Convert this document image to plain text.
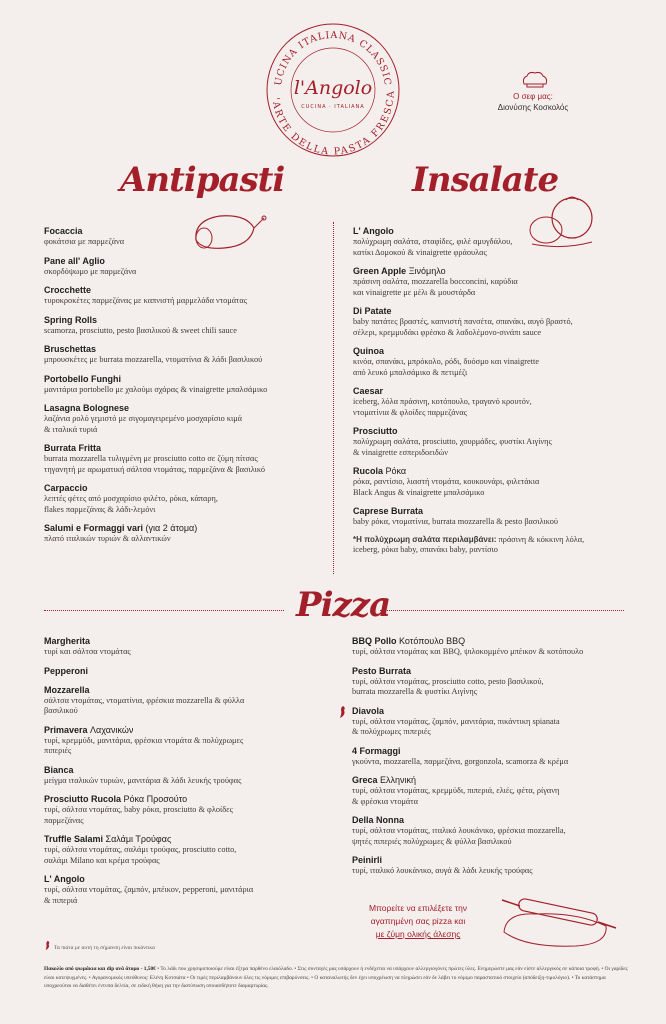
UCINA ITALIANA CLASSIC
'ARTE DELLA PASTA FRESCA
l'Angolo
CUCINA · ITALIANA
Ο σεφ μας:
Διονύσης Κοσκολός
Antipasti	Insalate
Focaccia
φοκάτσια με παρμεζάνα
Pane all' Aglio
σκορδόψωμο με παρμεζάνα
Crocchette
τυροκροκέτες παρμεζάνας με καπνιστή μαρμελάδα ντομάτας
Spring Rolls
scamorza, prosciutto, pesto βασιλικού & sweet chili sauce
Bruschettas
μπρουσκέτες με burrata mozzarella, ντοματίνια & λάδι βασιλικού
Portobello Funghi
μανιτάρια portobello με χαλούμι σχάρας & vinaigrette μπαλσάμικο
Lasagna Bolognese
λαζάνια ρολό γεμιστό με σιγομαγειρεμένο μοσχαρίσιο κιμά
& ιταλικά τυριά
Burrata Fritta
burrata mozzarella τυλιγμένη με prosciutto cotto σε ζύμη πίτσας
τηγανητή με αρωματική σάλτσα ντομάτας, παρμεζάνα & βασιλικό
Carpaccio
λεπτές φέτες από μοσχαρίσιο φιλέτο, ρόκα, κάπαρη,
flakes παρμεζάνας & λάδι-λεμόνι
Salumi e Formaggi vari (για 2 άτομα)
πλατό ιταλικών τυριών & αλλαντικών
L' Angolo
πολύχρωμη σαλάτα, σταφίδες, φιλέ αμυγδάλου,
κατίκι Δομοκού & vinaigrette φράουλας
Green Apple Ξινόμηλο
πράσινη σαλάτα, mozzarella bocconcini, καρύδια
και vinaigrette με μέλι & μουστάρδα
Di Patate
baby πατάτες βραστές, καπνιστή πανσέτα, σπανάκι, αυγό βραστό,
σέλερι, κρεμμυδάκι φρέσκο & λαδολέμονο-σινάπι sauce
Quinoa
κινόα, σπανάκι, μπρόκολο, ρόδι, δυόσμο και vinaigrette
από λευκό μπαλσάμικο & πετιμέζι
Caesar
iceberg, λόλα πράσινη, κοτόπουλο, τραγανό κρουτόν,
ντοματίνια & φλοίδες παρμεζάνας
Prosciutto
πολύχρωμη σαλάτα, prosciutto, χουρμάδες, φυστίκι Αιγίνης
& vinaigrette εσπεριδοειδών
Rucola Ρόκα
ρόκα, ραντίσιο, λιαστή ντομάτα, κουκουνάρι, φιλετάκια
Black Angus & vinaigrette μπαλσάμικο
Caprese Burrata
baby ρόκα, ντοματίνια, burrata mozzarella & pesto βασιλικού
*Η πολύχρωμη σαλάτα περιλαμβάνει: πράσινη & κόκκινη λόλα,
iceberg, ρόκα baby, σπανάκι baby, ραντίσιο
Pizza
Margherita
τυρί και σάλτσα ντομάτας
Pepperoni
Mozzarella
σάλτσα ντομάτας, ντοματίνια, φρέσκια mozzarella & φύλλα
βασιλικού
Primavera Λαχανικών
τυρί, κρεμμύδι, μανιτάρια, φρέσκια ντομάτα & πολύχρωμες
πιπεριές
Bianca
μείγμα ιταλικών τυριών, μανιτάρια & λάδι λευκής τρούφας
Prosciutto Rucola Ρόκα Προσούτο
τυρί, σάλτσα ντομάτας, baby ρόκα, prosciutto & φλοίδες
παρμεζάνας
Truffle Salami Σαλάμι Τρούφας
τυρί, σάλτσα ντομάτας, σαλάμι τρούφας, prosciutto cotto,
σαλάμι Milano και κρέμα τρούφας
L' Angolo
τυρί, σάλτσα ντομάτας, ζαμπόν, μπέικον, pepperoni, μανιτάρια
& πιπεριά
BBQ Pollo Κοτόπουλο BBQ
τυρί, σάλτσα ντομάτας και BBQ, ψιλοκομμένο μπέικον & κοτόπουλο
Pesto Burrata
τυρί, σάλτσα ντομάτας, prosciutto cotto, pesto βασιλικού,
burrata mozzarella & φυστίκι Αιγίνης
Diavola
τυρί, σάλτσα ντομάτας, ζαμπόν, μανιτάρια, πικάντικη spianata
& πολύχρωμες πιπεριές
4 Formaggi
γκούντα, mozzarella, παρμεζάνα, gorgonzola, scamorza & κρέμα
Greca Ελληνική
τυρί, σάλτσα ντομάτας, κρεμμύδι, πιπεριά, ελιές, φέτα, ρίγανη
& φρέσκια ντομάτα
Della Nonna
τυρί, σάλτσα ντομάτας, ιταλικό λουκάνικο, φρέσκια mozzarella,
ψητές πιπεριές πολύχρωμες & φύλλα βασιλικού
Peinirli
τυρί, ιταλικό λουκάνικο, αυγά & λάδι λευκής τρούφας
Μπορείτε να επιλέξετε την
αγαπημένη σας pizza και
με ζύμη ολικής άλεσης
Τα πιάτα με αυτή τη σήμανση είναι πικάντικα
Πακολίο από ψωμάκια και dip ανά άτομο - 1,50€ • Το λάδι που χρησιμοποιούμε είναι έξτρα παρθένο ελαιόλαδο. • Στις συνταγές μας υπάρχουν ή ενδέχεται να υπάρχουν αλλεργιογόνες πρώτες ύλες. Ενημερώστε μας εάν είστε αλλεργικός σε κάποια τροφή. • Οι γαρίδες είναι κατεψυγμένες. • Αγορανομικός υπεύθυνος: Ελένη Κοτσιάτα • Οι τιμές περιλαμβάνουν όλες τις νόμιμες επιβαρύνσεις. • Ο καταναλωτής δεν έχει υποχρέωση να πληρώσει εάν δε λάβει το νόμιμο παραστατικό στοιχείο (απόδειξη-τιμολόγιο). • Το κατάστημα υποχρεούται να διαθέτει έντυπα δελτία, σε ειδική θήκη για την διατύπωση οποιασδήποτε διαμαρτυρίας.
